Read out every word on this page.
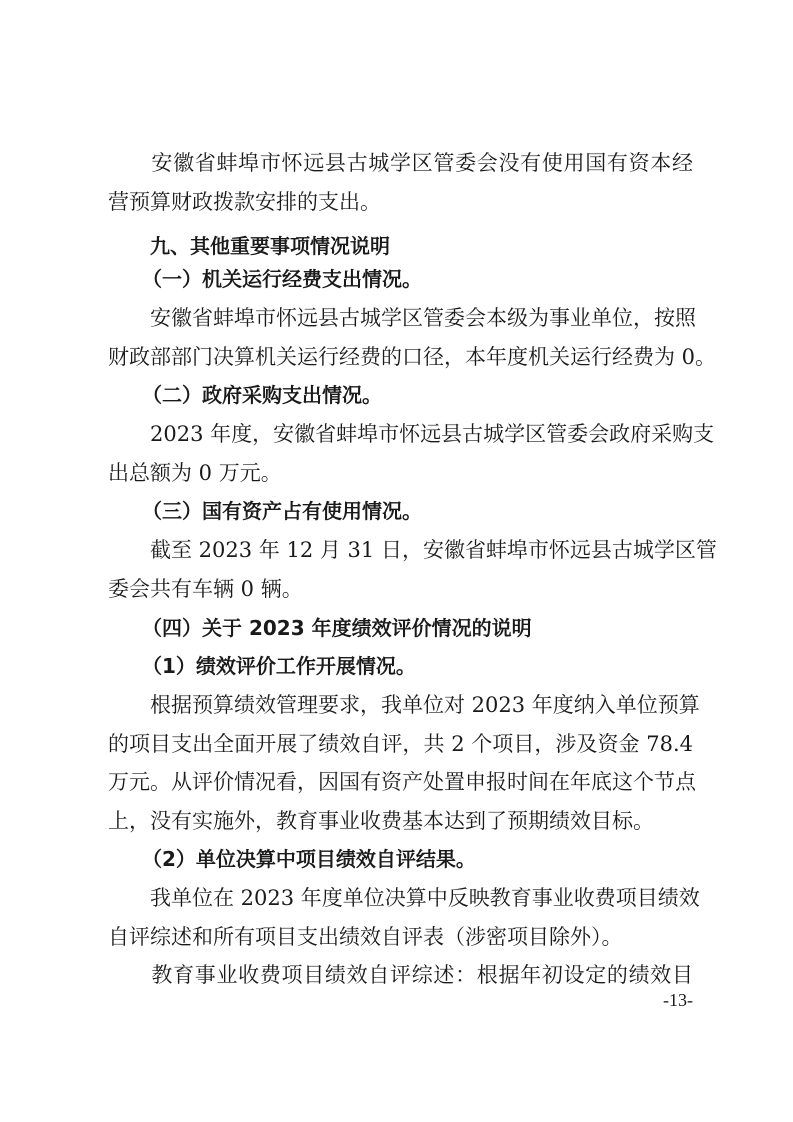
　　安徽省蚌埠市怀远县古城学区管委会没有使用国有资本经
营预算财政拨款安排的支出。
九、其他重要事项情况说明
（一）机关运行经费支出情况。
　　安徽省蚌埠市怀远县古城学区管委会本级为事业单位，按照
财政部部门决算机关运行经费的口径，本年度机关运行经费为 0。
（二）政府采购支出情况。
　　2023 年度，安徽省蚌埠市怀远县古城学区管委会政府采购支
出总额为 0 万元。
（三）国有资产占有使用情况。
　　截至 2023 年 12 月 31 日，安徽省蚌埠市怀远县古城学区管
委会共有车辆 0 辆。
（四）关于 2023 年度绩效评价情况的说明
（1）绩效评价工作开展情况。
　　根据预算绩效管理要求，我单位对 2023 年度纳入单位预算
的项目支出全面开展了绩效自评，共 2 个项目，涉及资金 78.4
万元。从评价情况看，因国有资产处置申报时间在年底这个节点
上，没有实施外，教育事业收费基本达到了预期绩效目标。
（2）单位决算中项目绩效自评结果。
　　我单位在 2023 年度单位决算中反映教育事业收费项目绩效
自评综述和所有项目支出绩效自评表（涉密项目除外）。
　　教育事业收费项目绩效自评综述：根据年初设定的绩效目
-13-
